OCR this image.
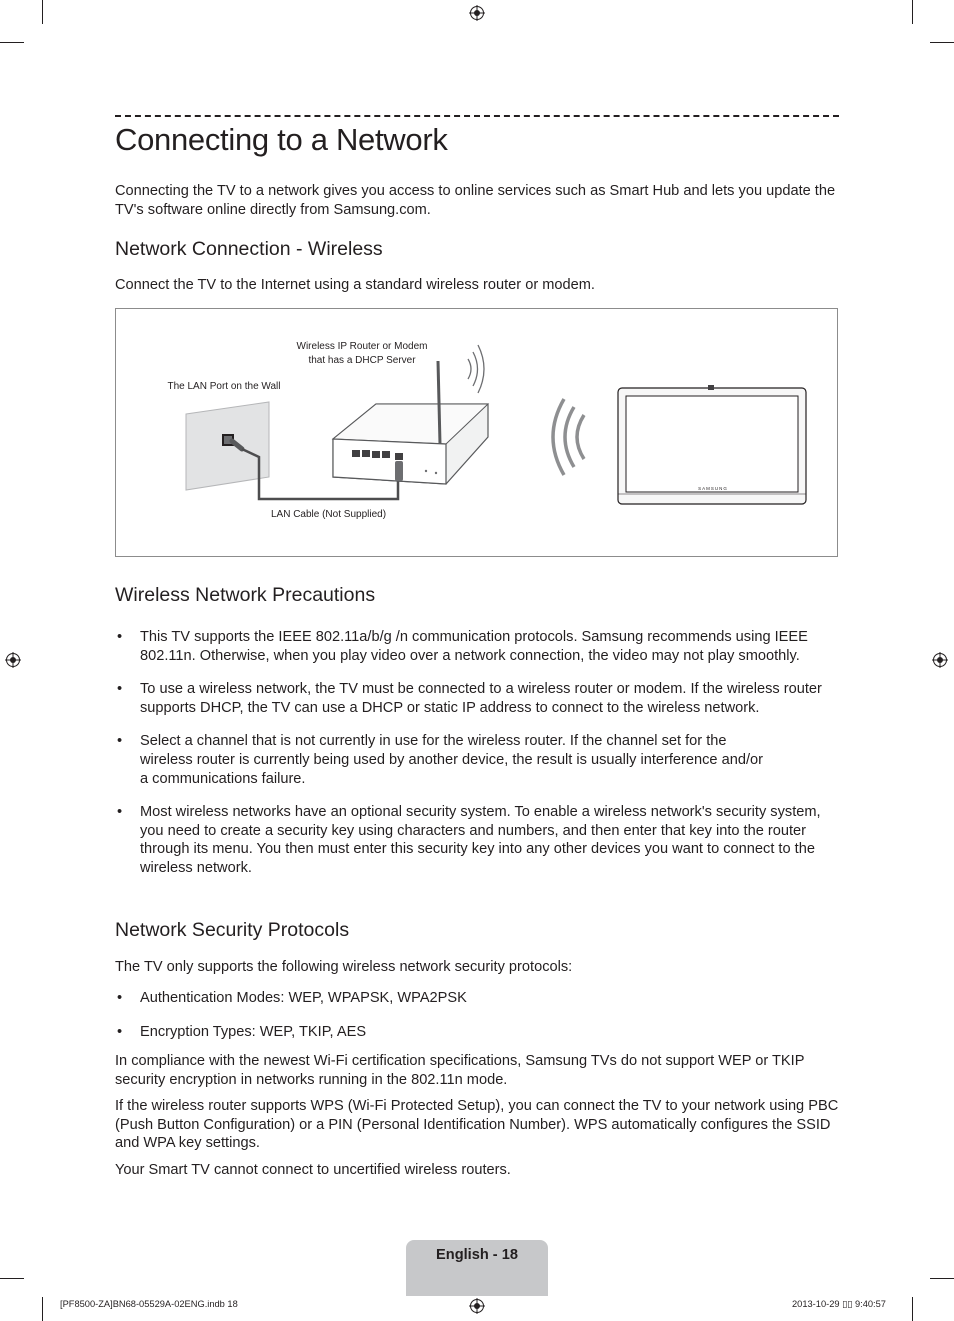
Connecting to a Network

Connecting the TV to a network gives you access to online services such as Smart Hub and lets you update the TV's software online directly from Samsung.com.

Network Connection - Wireless

Connect the TV to the Internet using a standard wireless router or modem.

Wireless IP Router or Modem
that has a DHCP Server
The LAN Port on the Wall
LAN Cable (Not Supplied)
SAMSUNG
Wireless Network Precautions
• This TV supports the IEEE 802.11a/b/g /n communication protocols. Samsung recommends using IEEE 802.11n. Otherwise, when you play video over a network connection, the video may not play smoothly.
• To use a wireless network, the TV must be connected to a wireless router or modem. If the wireless router supports DHCP, the TV can use a DHCP or static IP address to connect to the wireless network.
• Select a channel that is not currently in use for the wireless router. If the channel set for the wireless router is currently being used by another device, the result is usually interference and/or a communications failure.
• Most wireless networks have an optional security system. To enable a wireless network's security system, you need to create a security key using characters and numbers, and then enter that key into the router through its menu. You then must enter this security key into any other devices you want to connect to the wireless network.
Network Security Protocols

The TV only supports the following wireless network security protocols:

• Authentication Modes: WEP, WPAPSK, WPA2PSK
• Encryption Types: WEP, TKIP, AES

In compliance with the newest Wi-Fi certification specifications, Samsung TVs do not support WEP or TKIP security encryption in networks running in the 802.11n mode.

If the wireless router supports WPS (Wi-Fi Protected Setup), you can connect the TV to your network using PBC (Push Button Configuration) or a PIN (Personal Identification Number). WPS automatically configures the SSID and WPA key settings.

Your Smart TV cannot connect to uncertified wireless routers.

English - 18
[PF8500-ZA]BN68-05529A-02ENG.indb 18	2013-10-29 ▯▯ 9:40:57
